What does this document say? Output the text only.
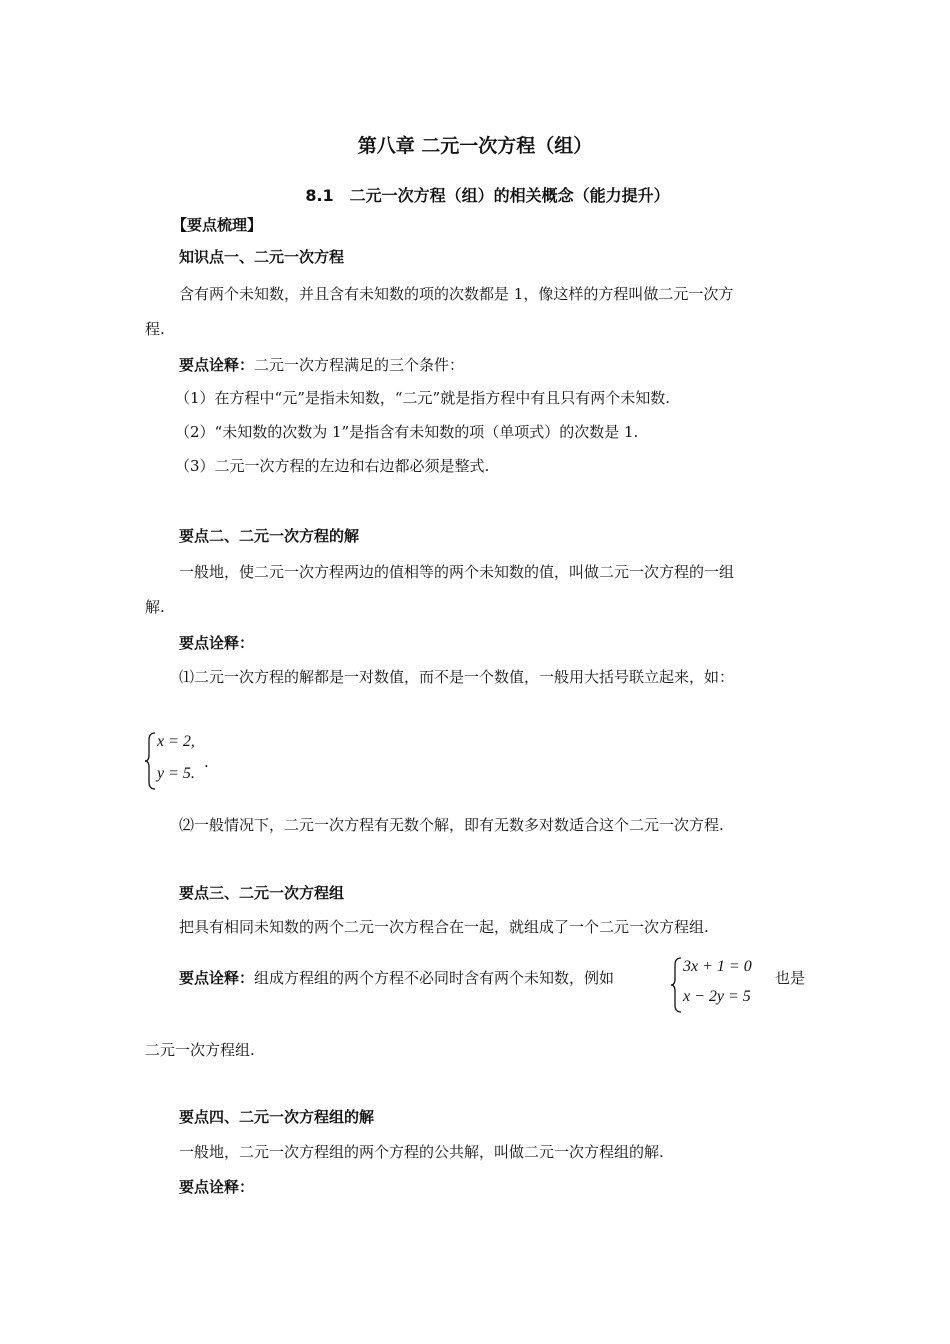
第八章 二元一次方程（组）
8.1　二元一次方程（组）的相关概念（能力提升）
【要点梳理】
知识点一、二元一次方程
含有两个未知数，并且含有未知数的项的次数都是 1，像这样的方程叫做二元一次方
程.
要点诠释：二元一次方程满足的三个条件：
（1）在方程中“元”是指未知数，“二元”就是指方程中有且只有两个未知数.
（2）“未知数的次数为 1”是指含有未知数的项（单项式）的次数是 1.
（3）二元一次方程的左边和右边都必须是整式.
要点二、二元一次方程的解
一般地，使二元一次方程两边的值相等的两个未知数的值，叫做二元一次方程的一组
解.
要点诠释：
⑴二元一次方程的解都是一对数值，而不是一个数值，一般用大括号联立起来，如：
x = 2,
y = 5.
.
⑵一般情况下，二元一次方程有无数个解，即有无数多对数适合这个二元一次方程.
要点三、二元一次方程组
把具有相同未知数的两个二元一次方程合在一起，就组成了一个二元一次方程组.
要点诠释：组成方程组的两个方程不必同时含有两个未知数，例如
3x + 1 = 0
x − 2y = 5
也是
二元一次方程组.
要点四、二元一次方程组的解
一般地，二元一次方程组的两个方程的公共解，叫做二元一次方程组的解.
要点诠释：
